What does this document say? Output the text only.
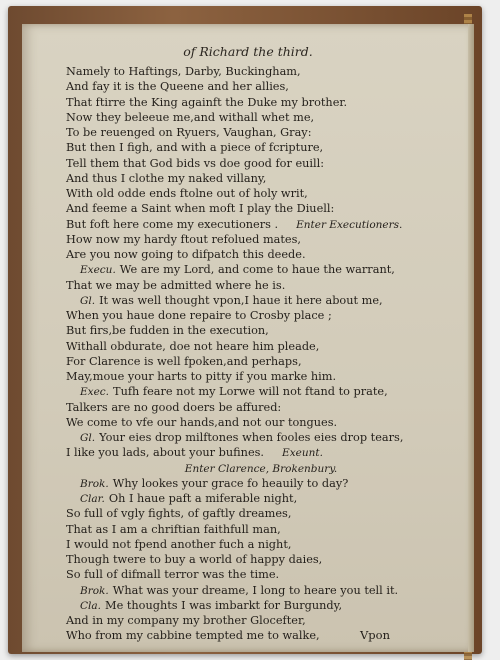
of Richard the third.
Namely to Haftings, Darby, Buckingham,
And fay it is the Queene and her allies,
That ftirre the King againft the Duke my brother.
Now they beleeue me,and withall whet me,
To be reuenged on Ryuers, Vaughan, Gray:
But then I figh, and with a piece of fcripture,
Tell them that God bids vs doe good for euill:
And thus I clothe my naked villany,
With old odde ends ftolne out of holy writ,
And feeme a Saint when moft I play the Diuell:
But foft here come my executioners . Enter Executioners.
How now my hardy ftout refolued mates,
Are you now going to difpatch this deede.
Execu. We are my Lord, and come to haue the warrant,
That we may be admitted where he is.
Gl. It was well thought vpon,I haue it here about me,
When you haue done repaire to Crosby place ;
But firs,be fudden in the execution,
Withall obdurate, doe not heare him pleade,
For Clarence is well fpoken,and perhaps,
May,moue your harts to pitty if you marke him.
Exec. Tufh feare not my Lorwe will not ftand to prate,
Talkers are no good doers be affured:
We come to vfe our hands,and not our tongues.
Gl. Your eies drop milftones when fooles eies drop tears,
I like you lads, about your bufines. Exeunt.
Enter Clarence, Brokenbury.
Brok. Why lookes your grace fo heauily to day?
Clar. Oh I haue paft a miferable night,
So full of vgly fights, of gaftly dreames,
That as I am a chriftian faithfull man,
I would not fpend another fuch a night,
Though twere to buy a world of happy daies,
So full of difmall terror was the time.
Brok. What was your dreame, I long to heare you tell it.
Cla. Me thoughts I was imbarkt for Burgundy,
And in my company my brother Glocefter,
Who from my cabbine tempted me to walke,	Vpon
